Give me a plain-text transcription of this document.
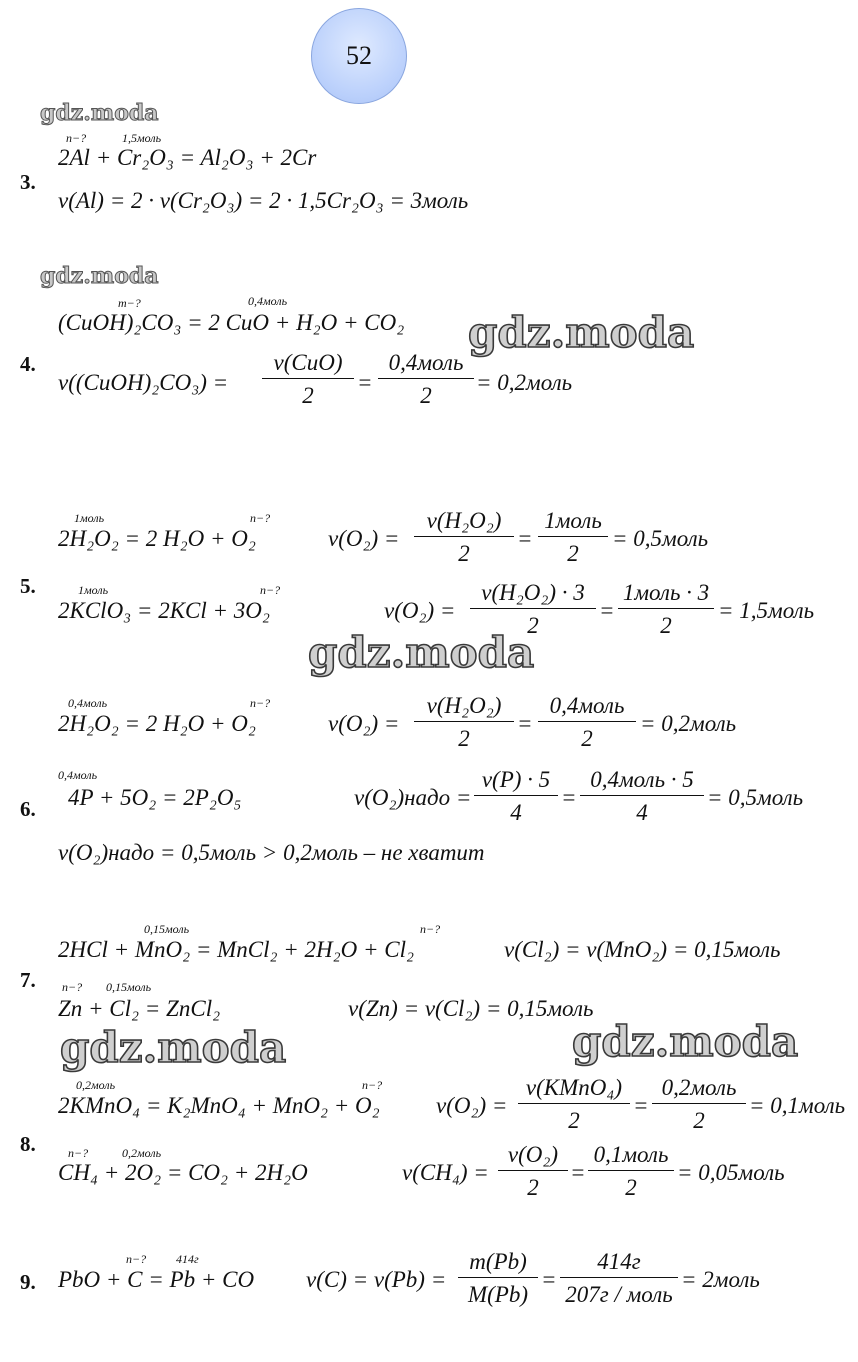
52
gdz.moda
gdz.moda
gdz.moda
gdz.moda
gdz.moda	gdz.moda
3.
n−?	1,5моль
2Al + Cr₂O₃ = Al₂O₃ + 2Cr
ν(Al) = 2 · ν(Cr₂O₃) = 2 · 1,5Cr₂O₃ = 3моль
4.
m−?	0,4моль
(CuOH)₂CO₃ = 2 CuO + H₂O + CO₂
ν((CuOH)₂CO₃) =
ν(CuO)
2
=
0,4моль
2
= 0,2моль
5.
1моль	n−?
2H₂O₂ = 2 H₂O + O₂	$\nu(O_2) = \frac{\text{ν(H₂O₂)}}{2}$ =
1моль
2
= 0,5моль
1моль	n−?
2KClO₃ = 2KCl + 3O₂	$\nu(O_2) = \frac{\text{ν(H₂O₂) · 3}}{2}$ =
1моль · 3
2
= 1,5моль
0,4моль	n−?
2H₂O₂ = 2 H₂O + O₂	$\nu(O_2) = \frac{\text{ν(H₂O₂)}}{2}$ =
0,4моль
2
= 0,2моль
6.
0,4моль
4P + 5O₂ = 2P₂O₅	ν(O₂)надо = $\frac{\nu(P) \cdot 5}{4}$ =
0,4моль · 5
4
= 0,5моль
ν(O₂)надо = 0,5моль > 0,2моль – не хватит
7.
0,15моль	n−?
2HCl + MnO₂ = MnCl₂ + 2H₂O + Cl₂	ν(Cl₂) = ν(MnO₂) = 0,15моль
n−? 0,15моль
Zn + Cl₂ = ZnCl₂	ν(Zn) = ν(Cl₂) = 0,15моль
8.
0,2моль	n−?
2KMnO₄ = K₂MnO₄ + MnO₂ + O₂ ν(O₂) =
ν(KMnO₄)
2
=
0,2моль
2
= 0,1моль
n−?	0,2моль
CH₄ + 2O₂ = CO₂ + 2H₂O	$\nu(CH_4) = \frac{\text{ν(O₂)}}{2}$ =
0,1моль
2
= 0,05моль
9.
n−? 414г
PbO + C = Pb + CO $\nu(C) = \nu(Pb) = \frac{m(Pb)}{M(Pb)}$ =
414г
207г / моль
= 2моль
